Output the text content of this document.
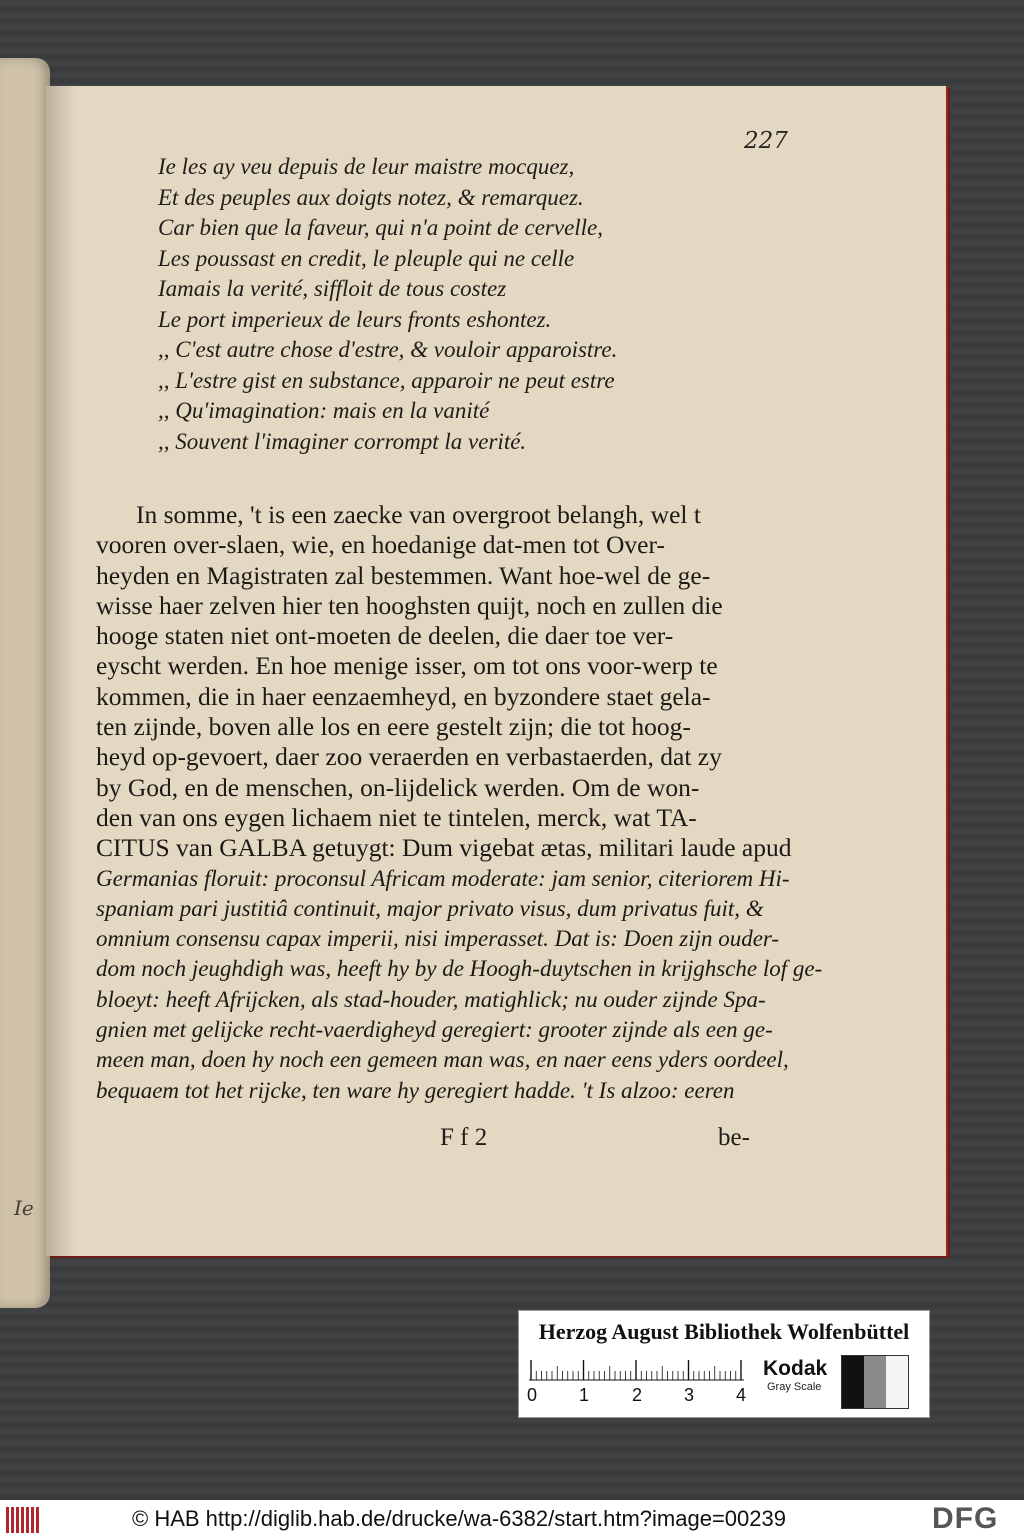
Ie
227
Ie les ay veu depuis de leur maistre mocquez,
Et des peuples aux doigts notez, & remarquez.
Car bien que la faveur, qui n'a point de cervelle,
Les poussast en credit, le pleuple qui ne celle
Iamais la verité, siffloit de tous costez
Le port imperieux de leurs fronts eshontez.
,, C'est autre chose d'estre, & vouloir apparoistre.
,, L'estre gist en substance, apparoir ne peut estre
,, Qu'imagination: mais en la vanité
,, Souvent l'imaginer corrompt la verité.
In somme, 't is een zaecke van overgroot belangh, wel t
vooren over-slaen, wie, en hoedanige dat-men tot Over-
heyden en Magistraten zal bestemmen. Want hoe-wel de ge-
wisse haer zelven hier ten hooghsten quijt, noch en zullen die
hooge staten niet ont-moeten de deelen, die daer toe ver-
eyscht werden. En hoe menige isser, om tot ons voor-werp te
kommen, die in haer eenzaemheyd, en byzondere staet gela-
ten zijnde, boven alle los en eere gestelt zijn; die tot hoog-
heyd op-gevoert, daer zoo veraerden en verbastaerden, dat zy
by God, en de menschen, on-lijdelick werden. Om de won-
den van ons eygen lichaem niet te tintelen, merck, wat TA-
CITUS van GALBA getuygt: Dum vigebat ætas, militari laude apud
Germanias floruit: proconsul Africam moderate: jam senior, citeriorem Hi-
spaniam pari justitiâ continuit, major privato visus, dum privatus fuit, &
omnium consensu capax imperii, nisi imperasset. Dat is: Doen zijn ouder-
dom noch jeughdigh was, heeft hy by de Hoogh-duytschen in krijghsche lof ge-
bloeyt: heeft Afrijcken, als stad-houder, matighlick; nu ouder zijnde Spa-
gnien met gelijcke recht-vaerdigheyd geregiert: grooter zijnde als een ge-
meen man, doen hy noch een gemeen man was, en naer eens yders oordeel,
bequaem tot het rijcke, ten ware hy geregiert hadde. 't Is alzoo: eeren
F f 2	be-
Herzog August Bibliothek Wolfenbüttel
0 1 2 3 4
Kodak
Gray Scale
© HAB http://diglib.hab.de/drucke/wa-6382/start.htm?image=00239	DFG
